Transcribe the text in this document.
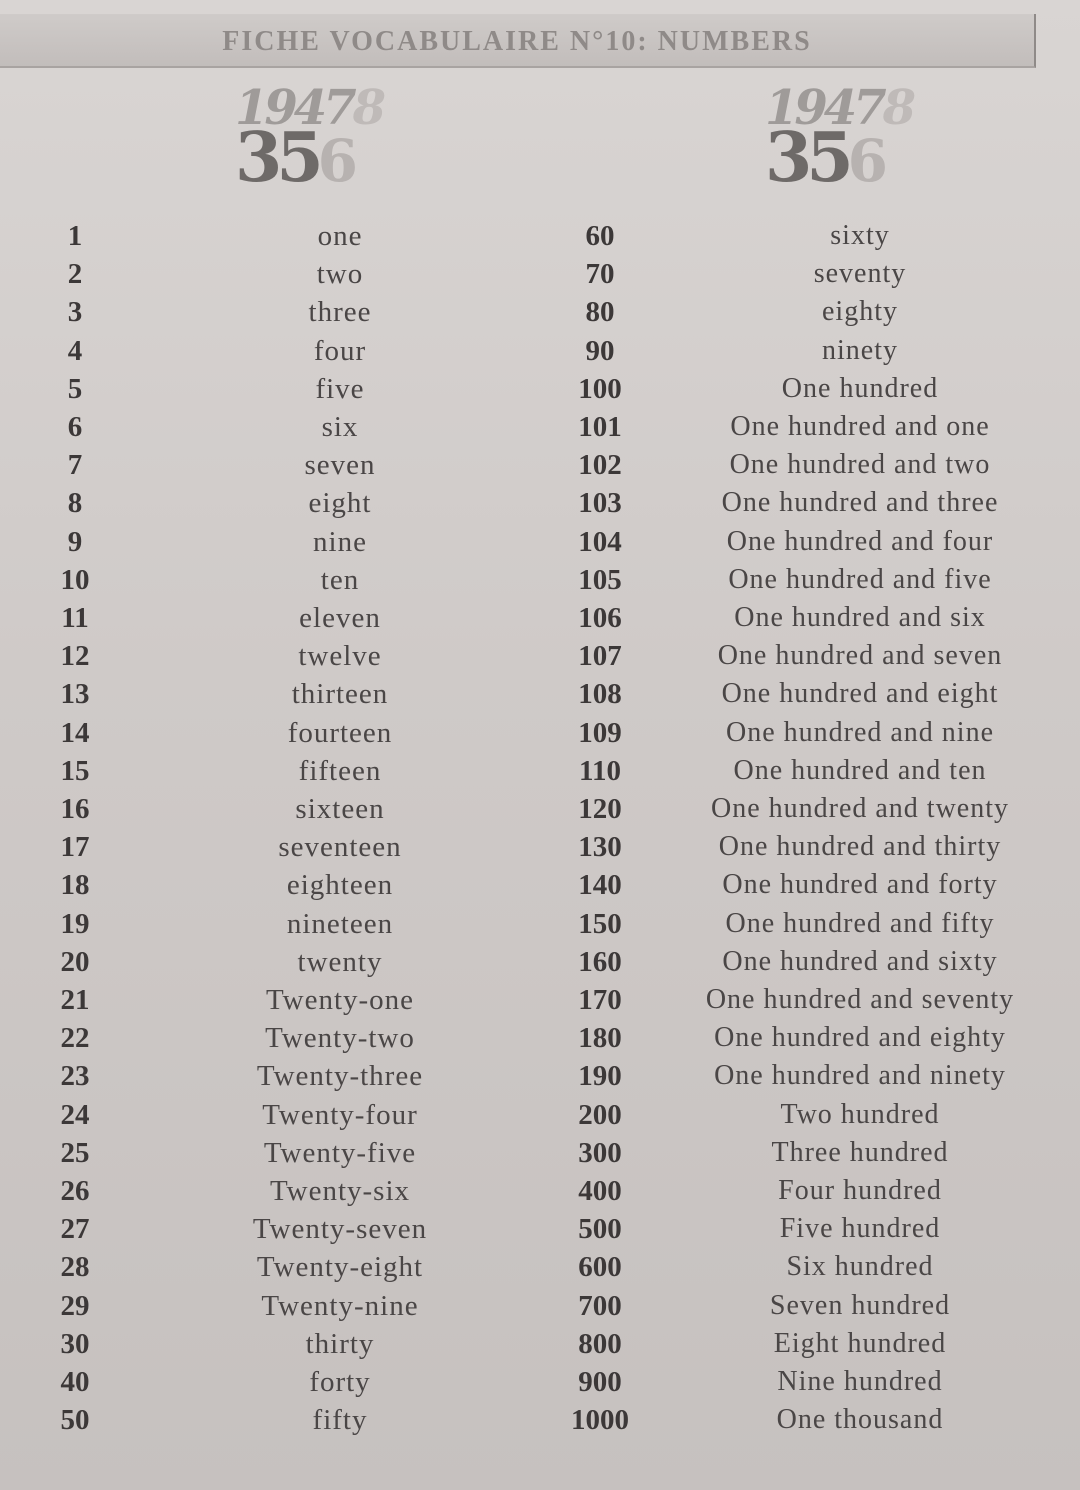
FICHE VOCABULAIRE N°10: NUMBERS
19478
356
19478
356
1
2
3
4
5
6
7
8
9
10
11
12
13
14
15
16
17
18
19
20
21
22
23
24
25
26
27
28
29
30
40
50
one
two
three
four
five
six
seven
eight
nine
ten
eleven
twelve
thirteen
fourteen
fifteen
sixteen
seventeen
eighteen
nineteen
twenty
Twenty-one
Twenty-two
Twenty-three
Twenty-four
Twenty-five
Twenty-six
Twenty-seven
Twenty-eight
Twenty-nine
thirty
forty
fifty
60
70
80
90
100
101
102
103
104
105
106
107
108
109
110
120
130
140
150
160
170
180
190
200
300
400
500
600
700
800
900
1000
sixty
seventy
eighty
ninety
One hundred
One hundred and one
One hundred and two
One hundred and three
One hundred and four
One hundred and five
One hundred and six
One hundred and seven
One hundred and eight
One hundred and nine
One hundred and ten
One hundred and twenty
One hundred and thirty
One hundred and forty
One hundred and fifty
One hundred and sixty
One hundred and seventy
One hundred and eighty
One hundred and ninety
Two hundred
Three hundred
Four hundred
Five hundred
Six hundred
Seven hundred
Eight hundred
Nine hundred
One thousand
